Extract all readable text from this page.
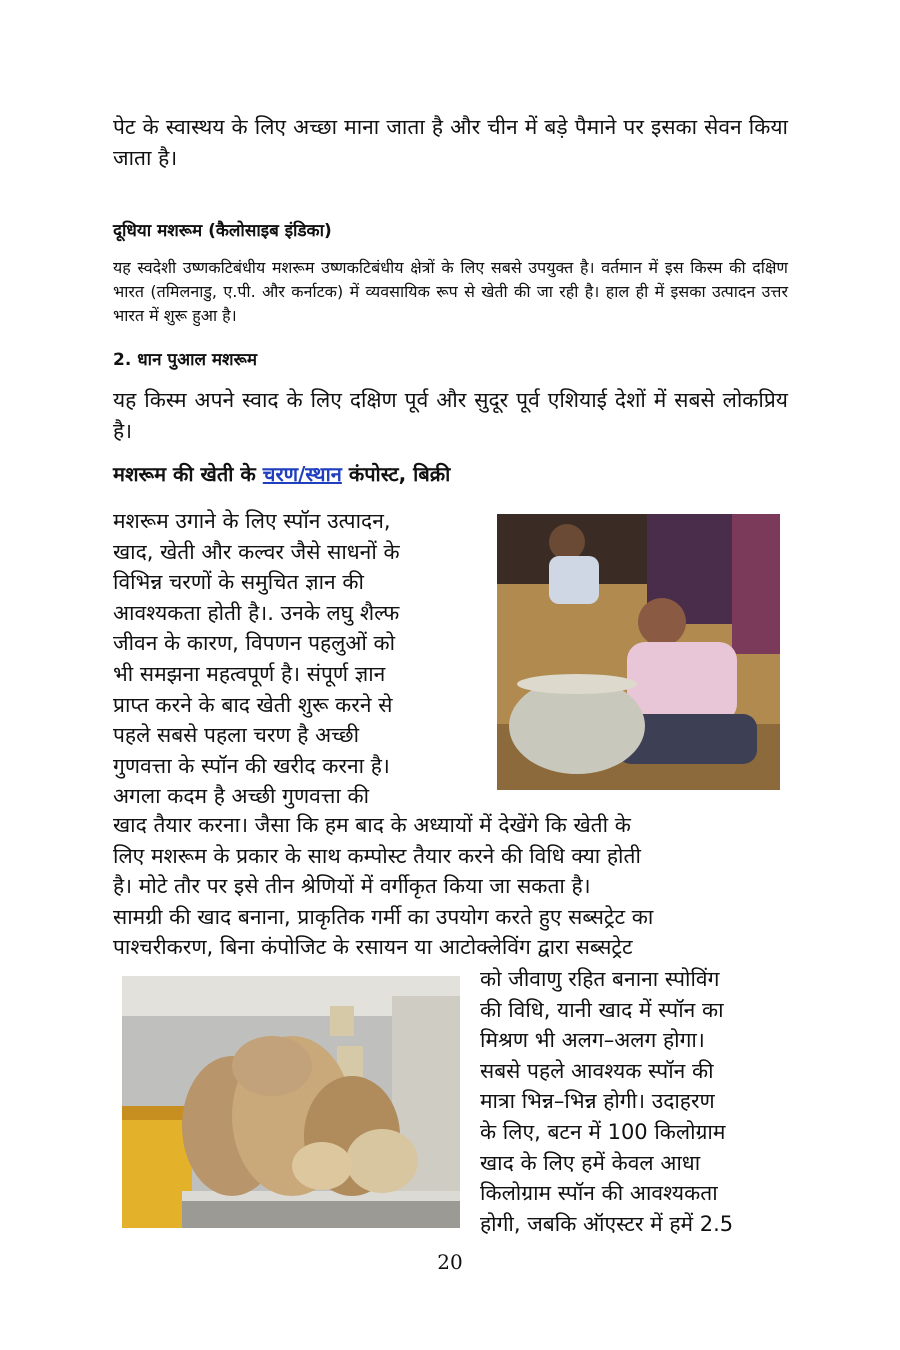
पेट के स्वास्थय के लिए अच्छा माना जाता है और चीन में बड़े पैमाने पर इसका सेवन किया जाता है।

दूधिया मशरूम (कैलोसाइब इंडिका)

यह स्वदेशी उष्णकटिबंधीय मशरूम उष्णकटिबंधीय क्षेत्रों के लिए सबसे उपयुक्त है। वर्तमान में इस किस्म की दक्षिण भारत (तमिलनाडु, ए.पी. और कर्नाटक) में व्यवसायिक रूप से खेती की जा रही है। हाल ही में इसका उत्पादन उत्तर भारत में शुरू हुआ है।

2. धान पुआल मशरूम

यह किस्म अपने स्वाद के लिए दक्षिण पूर्व और सुदूर पूर्व एशियाई देशों में सबसे लोकप्रिय है।

मशरूम की खेती के चरण/स्थान कंपोस्ट, बिक्री
मशरूम उगाने के लिए स्पॉन उत्पादन,
खाद, खेती और कल्वर जैसे साधनों के
विभिन्न चरणों के समुचित ज्ञान की
आवश्यकता होती है।. उनके लघु शैल्फ
जीवन के कारण, विपणन पहलुओं को
भी समझना महत्वपूर्ण है। संपूर्ण ज्ञान
प्राप्त करने के बाद खेती शुरू करने से
पहले सबसे पहला चरण है अच्छी
गुणवत्ता के स्पॉन की खरीद करना है।
अगला कदम है अच्छी गुणवत्ता की
खाद तैयार करना। जैसा कि हम बाद के अध्यायों में देखेंगे कि खेती के
लिए मशरूम के प्रकार के साथ कम्पोस्ट तैयार करने की विधि क्या होती
है। मोटे तौर पर इसे तीन श्रेणियों में वर्गीकृत किया जा सकता है।
सामग्री की खाद बनाना, प्राकृतिक गर्मी का उपयोग करते हुए सब्सट्रेट का
पाश्चरीकरण, बिना कंपोजिट के रसायन या आटोक्लेविंग द्वारा सब्सट्रेट
को जीवाणु रहित बनाना स्पोविंग
की विधि, यानी खाद में स्पॉन का
मिश्रण भी अलग–अलग होगा।
सबसे पहले आवश्यक स्पॉन की
मात्रा भिन्न–भिन्न होगी। उदाहरण
के लिए, बटन में 100 किलोग्राम
खाद के लिए हमें केवल आधा
किलोग्राम स्पॉन की आवश्यकता
होगी, जबकि ऑएस्टर में हमें 2.5
20
